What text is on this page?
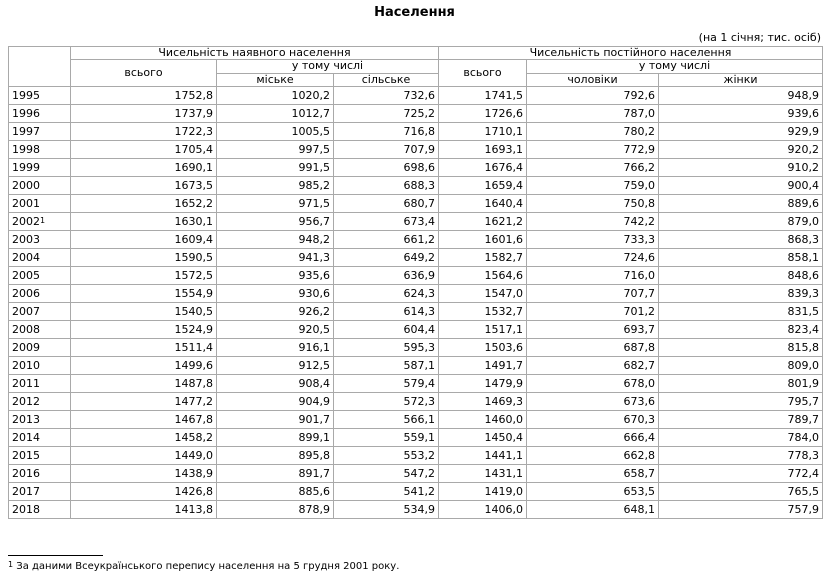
Населення
(на 1 січня; тис. осіб)
	Чисельність наявного населення			Чисельність постійного населення		
	всього	у тому числі		всього	у тому числі	
		міське	сільське		чоловіки	жінки
1995	1752,8	1020,2	732,6	1741,5	792,6	948,9
1996	1737,9	1012,7	725,2	1726,6	787,0	939,6
1997	1722,3	1005,5	716,8	1710,1	780,2	929,9
1998	1705,4	997,5	707,9	1693,1	772,9	920,2
1999	1690,1	991,5	698,6	1676,4	766,2	910,2
2000	1673,5	985,2	688,3	1659,4	759,0	900,4
2001	1652,2	971,5	680,7	1640,4	750,8	889,6
2002$^1$	1630,1	956,7	673,4	1621,2	742,2	879,0
2003	1609,4	948,2	661,2	1601,6	733,3	868,3
2004	1590,5	941,3	649,2	1582,7	724,6	858,1
2005	1572,5	935,6	636,9	1564,6	716,0	848,6
2006	1554,9	930,6	624,3	1547,0	707,7	839,3
2007	1540,5	926,2	614,3	1532,7	701,2	831,5
2008	1524,9	920,5	604,4	1517,1	693,7	823,4
2009	1511,4	916,1	595,3	1503,6	687,8	815,8
2010	1499,6	912,5	587,1	1491,7	682,7	809,0
2011	1487,8	908,4	579,4	1479,9	678,0	801,9
2012	1477,2	904,9	572,3	1469,3	673,6	795,7
2013	1467,8	901,7	566,1	1460,0	670,3	789,7
2014	1458,2	899,1	559,1	1450,4	666,4	784,0
2015	1449,0	895,8	553,2	1441,1	662,8	778,3
2016	1438,9	891,7	547,2	1431,1	658,7	772,4
2017	1426,8	885,6	541,2	1419,0	653,5	765,5
2018	1413,8	878,9	534,9	1406,0	648,1	757,9
$^1$ За даними Всеукраїнського перепису населення на 5 грудня 2001 року.
